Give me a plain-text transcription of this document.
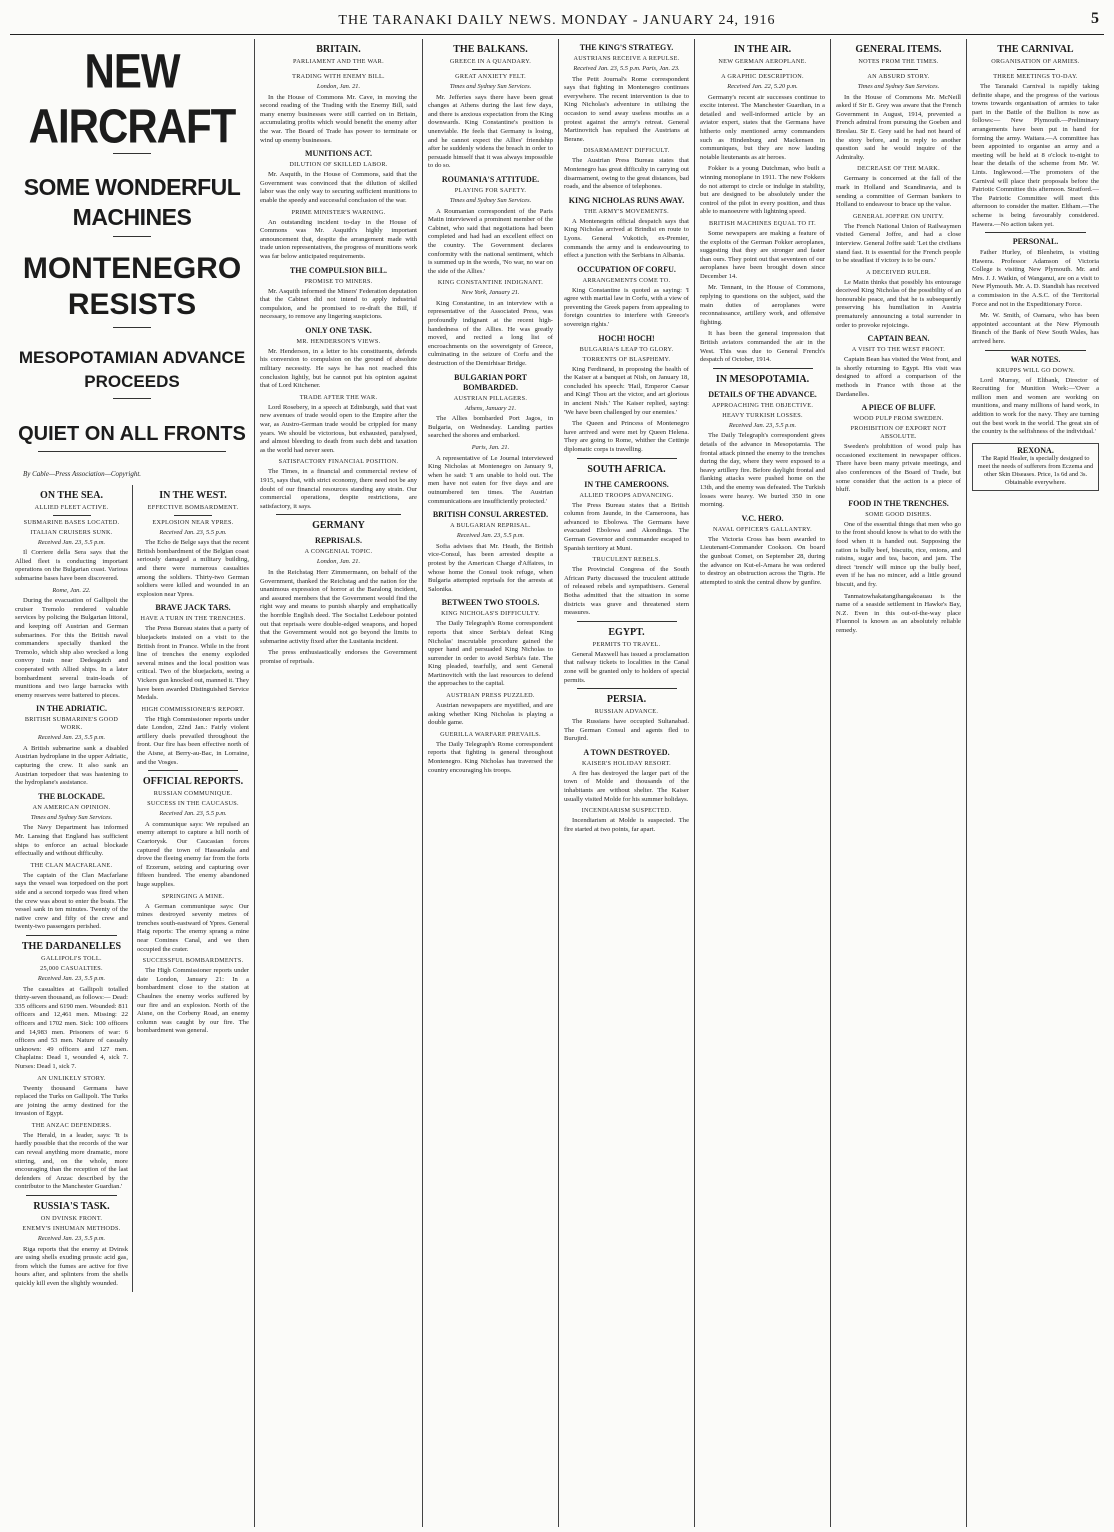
THE TARANAKI DAILY NEWS. MONDAY - JANUARY 24, 1916	5
NEW AIRCRAFT
SOME WONDERFUL MACHINES
MONTENEGRO RESISTS
MESOPOTAMIAN ADVANCE PROCEEDS
QUIET ON ALL FRONTS
By Cable—Press Association—Copyright.
ON THE SEA.
ALLIED FLEET ACTIVE.
SUBMARINE BASES LOCATED.
ITALIAN CRUISERS SUNK.
Received Jan. 23, 5.5 p.m.

Il Corriere della Sera says that the Allied fleet is conducting important operations on the Bulgarian coast. Various submarine bases have been discovered.

Rome, Jan. 22.

During the evacuation of Gallipoli the cruiser Tremolo rendered valuable services by policing the Bulgarian littoral, and keeping off Austrian and German submarines. For this the British naval commanders specially thanked the Tremolo, which ship also wrecked a long convoy train near Dedeagatch and cooperated with Allied ships. In a later bombardment several train-loads of munitions and two large barracks with enemy reserves were battered to pieces.

IN THE ADRIATIC.
BRITISH SUBMARINE'S GOOD WORK.
Received Jan. 23, 5.5 p.m.

A British submarine sank a disabled Austrian hydroplane in the upper Adriatic, capturing the crew. It also sank an Austrian torpedoer that was hastening to the hydroplane's assistance.

THE BLOCKADE.
AN AMERICAN OPINION.
Times and Sydney Sun Services.

The Navy Department has informed Mr. Lansing that England has sufficient ships to enforce an actual blockade effectually and without difficulty.

THE CLAN MACFARLANE.

The captain of the Clan Macfarlane says the vessel was torpedoed on the port side and a second torpedo was fired when the crew was about to enter the boats. The vessel sank in ten minutes. Twenty of the native crew and fifty of the crew and twenty-two passengers perished.

THE DARDANELLES
GALLIPOLI'S TOLL.
25,000 CASUALTIES.
Received Jan. 23, 5.5 p.m.

The casualties at Gallipoli totalled thirty-seven thousand, as follows:— Dead: 335 officers and 6190 men. Wounded: 811 officers and 12,461 men. Missing: 22 officers and 1702 men. Sick: 100 officers and 14,983 men. Prisoners of war: 6 officers and 53 men. Nature of casualty unknown: 49 officers and 127 men. Chaplains: Dead 1, wounded 4, sick 7. Nurses: Dead 1, sick 7.

AN UNLIKELY STORY.

Twenty thousand Germans have replaced the Turks on Gallipoli. The Turks are joining the army destined for the invasion of Egypt.

THE ANZAC DEFENDERS.

The Herald, in a leader, says: 'It is hardly possible that the records of the war can reveal anything more dramatic, more stirring, and, on the whole, more encouraging than the reception of the last defenders of Anzac described by the contributor to the Manchester Guardian.'

RUSSIA'S TASK.
ON DVINSK FRONT.
ENEMY'S INHUMAN METHODS.
Received Jan. 23, 5.5 p.m.

Riga reports that the enemy at Dvinsk are using shells exuding prussic acid gas, from which the fumes are active for five hours after, and splinters from the shells quickly kill even the slightly wounded.

IN THE WEST.
EFFECTIVE BOMBARDMENT.
EXPLOSION NEAR YPRES.
Received Jan. 23, 5.5 p.m.

The Echo de Belge says that the recent British bombardment of the Belgian coast seriously damaged a military building, and there were numerous casualties among the soldiers. Thirty-two German soldiers were killed and wounded in an explosion near Ypres.

BRAVE JACK TARS.
HAVE A TURN IN THE TRENCHES.

The Press Bureau states that a party of bluejackets insisted on a visit to the British front in France. While in the front line of trenches the enemy exploded several mines and the local position was critical. Two of the bluejackets, seeing a Vickers gun knocked out, manned it. They have been awarded Distinguished Service Medals.

HIGH COMMISSIONER'S REPORT.

The High Commissioner reports under date London, 22nd Jan.: Fairly violent artillery duels prevailed throughout the front. Our fire has been effective north of the Aisne, at Berry-au-Bac, in Lorraine, and the Vosges.

OFFICIAL REPORTS.
RUSSIAN COMMUNIQUE.
SUCCESS IN THE CAUCASUS.
Received Jan. 23, 5.5 p.m.

A communique says: We repulsed an enemy attempt to capture a hill north of Czartorysk. Our Caucasian forces captured the town of Hassankala and drove the fleeing enemy far from the forts of Erzerum, seizing and capturing over fifteen hundred. The enemy abandoned huge supplies.

SPRINGING A MINE.

A German communique says: Our mines destroyed seventy metres of trenches south-eastward of Ypres. General Haig reports: The enemy sprang a mine near Comines Canal, and we then occupied the crater.

SUCCESSFUL BOMBARDMENTS.

The High Commissioner reports under date London, January 21: In a bombardment close to the station at Chaulnes the enemy works suffered by our fire and an explosion. North of the Aisne, on the Corbeny Road, an enemy column was caught by our fire. The bombardment was general.

BRITAIN.
PARLIAMENT AND THE WAR.
TRADING WITH ENEMY BILL.
London, Jan. 21.

In the House of Commons Mr. Cave, in moving the second reading of the Trading with the Enemy Bill, said many enemy businesses were still carried on in Britain, accumulating profits which would benefit the enemy after the war. The Board of Trade has power to terminate or wind up enemy businesses.

MUNITIONS ACT.
DILUTION OF SKILLED LABOR.

Mr. Asquith, in the House of Commons, said that the Government was convinced that the dilution of skilled labor was the only way to securing sufficient munitions to enable the speedy and successful conclusion of the war.

PRIME MINISTER'S WARNING.

An outstanding incident to-day in the House of Commons was Mr. Asquith's highly important announcement that, despite the arrangement made with trade union representatives, the progress of munitions work was far below anticipated requirements.

THE COMPULSION BILL.
PROMISE TO MINERS.

Mr. Asquith informed the Miners' Federation deputation that the Cabinet did not intend to apply industrial compulsion, and he promised to re-draft the Bill, if necessary, to remove any lingering suspicions.

ONLY ONE TASK.
MR. HENDERSON'S VIEWS.

Mr. Henderson, in a letter to his constituents, defends his conversion to compulsion on the ground of absolute military necessity. He says he has not reached this conclusion lightly, but he cannot put his opinion against that of Lord Kitchener.

TRADE AFTER THE WAR.

Lord Rosebery, in a speech at Edinburgh, said that vast new avenues of trade would open to the Empire after the war, as Austro-German trade would be crippled for many years. We should be victorious, but exhausted, paralysed, and almost bleeding to death from such debt and taxation as the world had never seen.

SATISFACTORY FINANCIAL POSITION.

The Times, in a financial and commercial review of 1915, says that, with strict economy, there need not be any doubt of our financial resources standing any strain. Our commercial operations, despite restrictions, are satisfactory, it says.

GERMANY
REPRISALS.
A CONGENIAL TOPIC.
London, Jan. 21.

In the Reichstag Herr Zimmermann, on behalf of the Government, thanked the Reichstag and the nation for the unanimous expression of horror at the Baralong incident, and assured members that the Government would find the right way and means to punish sharply and emphatically the horrible English deed. The Socialist Ledebour pointed out that reprisals were double-edged weapons, and hoped that the Government would not go beyond the limits to submarine activity fixed after the Lusitania incident.

The press enthusiastically endorses the Government promise of reprisals.

THE BALKANS.
GREECE IN A QUANDARY.
GREAT ANXIETY FELT.
Times and Sydney Sun Services.

Mr. Jefferies says there have been great changes at Athens during the last few days, and there is anxious expectation from the King downwards. King Constantine's position is unenviable. He feels that Germany is losing, and he cannot expect the Allies' friendship after he suddenly widens the breach in order to persuade himself that it was always impossible to do so.

ROUMANIA'S ATTITUDE.
PLAYING FOR SAFETY.
Times and Sydney Sun Services.

A Roumanian correspondent of the Paris Matin interviewed a prominent member of the Cabinet, who said that negotiations had been completed and had had an excellent effect on the country. The Government declares conformity with the national sentiment, which is summed up in the words, 'No war, no war on the side of the Allies.'

KING CONSTANTINE INDIGNANT.
New York, January 21.

King Constantine, in an interview with a representative of the Associated Press, was profoundly indignant at the recent high-handedness of the Allies. He was greatly moved, and recited a long list of encroachments on the sovereignty of Greece, culminating in the seizure of Corfu and the destruction of the Demirhisar Bridge.

BULGARIAN PORT BOMBARDED.
AUSTRIAN PILLAGERS.
Athens, January 21.

The Allies bombarded Port Jagos, in Bulgaria, on Wednesday. Landing parties searched the shores and embarked.

Paris, Jan. 21.

A representative of Le Journal interviewed King Nicholas at Montenegro on January 9, when he said: 'I am unable to hold out. The men have not eaten for five days and are outnumbered ten times. The Austrian communications are insufficiently protected.'

BRITISH CONSUL ARRESTED.
A BULGARIAN REPRISAL.
Received Jan. 23, 5.5 p.m.

Sofia advises that Mr. Heath, the British vice-Consul, has been arrested despite a protest by the American Charge d'Affaires, in whose home the Consul took refuge, when Bulgaria attempted reprisals for the arrests at Salonika.

BETWEEN TWO STOOLS.
KING NICHOLAS'S DIFFICULTY.

The Daily Telegraph's Rome correspondent reports that since Serbia's defeat King Nicholas' inscrutable procedure gained the upper hand and persuaded King Nicholas to surrender in order to avoid Serbia's fate. The King pleaded, tearfully, and sent General Martinovitch with the last resources to defend the approaches to the capital.

AUSTRIAN PRESS PUZZLED.

Austrian newspapers are mystified, and are asking whether King Nicholas is playing a double game.

GUERILLA WARFARE PREVAILS.

The Daily Telegraph's Rome correspondent reports that fighting is general throughout Montenegro. King Nicholas has traversed the country encouraging his troops.

THE KING'S STRATEGY.
AUSTRIANS RECEIVE A REPULSE.
Received Jan. 23, 5.5 p.m. Paris, Jan. 23.

The Petit Journal's Rome correspondent says that fighting in Montenegro continues everywhere. The recent intervention is due to King Nicholas's adventure in utilising the occasion to send away useless mouths as a protest against the army's retreat. General Martinovitch has repulsed the Austrians at Berane.

DISARMAMENT DIFFICULT.

The Austrian Press Bureau states that Montenegro has great difficulty in carrying out disarmament, owing to the great distances, bad roads, and the absence of telephones.

KING NICHOLAS RUNS AWAY.
THE ARMY'S MOVEMENTS.

A Montenegrin official despatch says that King Nicholas arrived at Brindisi en route to Lyons. General Vukotich, ex-Premier, commands the army and is endeavouring to effect a junction with the Serbians in Albania.

OCCUPATION OF CORFU.
ARRANGEMENTS COME TO.

King Constantine is quoted as saying: 'I agree with martial law in Corfu, with a view of preventing the Greek papers from appealing to foreign countries to interfere with Greece's sovereign rights.'

HOCH! HOCH!
BULGARIA'S LEAP TO GLORY.
TORRENTS OF BLASPHEMY.

King Ferdinand, in proposing the health of the Kaiser at a banquet at Nish, on January 18, concluded his speech: 'Hail, Emperor Caesar and King! Thou art the victor, and art glorious in ancient Nish.' The Kaiser replied, saying: 'We have been challenged by our enemies.'

The Queen and Princess of Montenegro have arrived and were met by Queen Helena. They are going to Rome, whither the Cettinje diplomatic corps is travelling.

SOUTH AFRICA.
IN THE CAMEROONS.
ALLIED TROOPS ADVANCING.

The Press Bureau states that a British column from Jaunde, in the Cameroons, has advanced to Ebolowa. The Germans have evacuated Ebolowa and Akondinga. The German Governor and commander escaped to Spanish territory at Muni.

TRUCULENT REBELS.

The Provincial Congress of the South African Party discussed the truculent attitude of released rebels and sympathisers. General Botha admitted that the situation in some districts was grave and threatened stern measures.

EGYPT.
PERMITS TO TRAVEL.

General Maxwell has issued a proclamation that railway tickets to localities in the Canal zone will be granted only to holders of special permits.

PERSIA.
RUSSIAN ADVANCE.

The Russians have occupied Sultanabad. The German Consul and agents fled to Burujird.

A TOWN DESTROYED.
KAISER'S HOLIDAY RESORT.

A fire has destroyed the larger part of the town of Molde and thousands of the inhabitants are without shelter. The Kaiser usually visited Molde for his summer holidays.

INCENDIARISM SUSPECTED.

Incendiarism at Molde is suspected. The fire started at two points, far apart.

IN THE AIR.
NEW GERMAN AEROPLANE.
A GRAPHIC DESCRIPTION.
Received Jan. 22, 5.20 p.m.

Germany's recent air successes continue to excite interest. The Manchester Guardian, in a detailed and well-informed article by an aviator expert, states that the Germans have hitherto only mentioned army commanders such as Hindenburg and Mackensen in communiques, but they are now lauding notable lieutenants as air heroes.

Fokker is a young Dutchman, who built a winning monoplane in 1911. The new Fokkers do not attempt to circle or indulge in stability, but are designed to be absolutely under the control of the pilot in every position, and thus able to manoeuvre with lightning speed.

BRITISH MACHINES EQUAL TO IT.

Some newspapers are making a feature of the exploits of the German Fokker aeroplanes, suggesting that they are stronger and faster than ours. They point out that seventeen of our aeroplanes have been brought down since December 14.

Mr. Tennant, in the House of Commons, replying to questions on the subject, said the main duties of aeroplanes were reconnaissance, artillery work, and offensive fighting.

It has been the general impression that British aviators commanded the air in the West. This was due to General French's despatch of October, 1914.

IN MESOPOTAMIA.
DETAILS OF THE ADVANCE.
APPROACHING THE OBJECTIVE.
HEAVY TURKISH LOSSES.
Received Jan. 23, 5.5 p.m.

The Daily Telegraph's correspondent gives details of the advance in Mesopotamia. The frontal attack pinned the enemy to the trenches during the day, where they were exposed to a heavy artillery fire. Before daylight frontal and flanking attacks were pushed home on the 13th, and the enemy was defeated. The Turkish losses were heavy. We buried 350 in one morning.

V.C. HERO.
NAVAL OFFICER'S GALLANTRY.

The Victoria Cross has been awarded to Lieutenant-Commander Cookson. On board the gunboat Comet, on September 28, during the advance on Kut-el-Amara he was ordered to destroy an obstruction across the Tigris. He attempted to sink the central dhow by gunfire.

GENERAL ITEMS.
NOTES FROM THE TIMES.
AN ABSURD STORY.
Times and Sydney Sun Services.

In the House of Commons Mr. McNeill asked if Sir E. Grey was aware that the French Government in August, 1914, prevented a French admiral from pursuing the Goeben and Breslau. Sir E. Grey said he had not heard of the story before, and in reply to another question said he would inquire of the Admiralty.

DECREASE OF THE MARK.

Germany is concerned at the fall of the mark in Holland and Scandinavia, and is sending a committee of German bankers to Holland to endeavour to brace up the value.

GENERAL JOFFRE ON UNITY.

The French National Union of Railwaymen visited General Joffre, and had a close interview. General Joffre said: 'Let the civilians stand fast. It is essential for the French people to be steadfast if victory is to be ours.'

A DECEIVED RULER.

Le Matin thinks that possibly his entourage deceived King Nicholas of the possibility of an honourable peace, and that he is subsequently preserving his humiliation in Austria prematurely announcing a total surrender in order to provoke rejoicings.

CAPTAIN BEAN.
A VISIT TO THE WEST FRONT.

Captain Bean has visited the West front, and is shortly returning to Egypt. His visit was designed to afford a comparison of the methods in France with those at the Dardanelles.

A PIECE OF BLUFF.
WOOD PULP FROM SWEDEN.
PROHIBITION OF EXPORT NOT ABSOLUTE.

Sweden's prohibition of wood pulp has occasioned excitement in newspaper offices. There have been many private meetings, and also conferences of the Board of Trade, but some consider that the action is a piece of bluff.

FOOD IN THE TRENCHES.
SOME GOOD DISHES.

One of the essential things that men who go to the front should know is what to do with the food when it is handed out. Supposing the ration is bully beef, biscuits, rice, onions, and raisins, sugar and tea, bacon, and jam. The direct 'trench' will mince up the bully beef, even if he has no mincer, add a little ground biscuit, and fry.

Tanmatowhakatangihangakoauau is the name of a seaside settlement in Hawke's Bay, N.Z. Even in this out-of-the-way place Fluennol is known as an absolutely reliable remedy.

THE CARNIVAL
ORGANISATION OF ARMIES.
THREE MEETINGS TO-DAY.

The Taranaki Carnival is rapidly taking definite shape, and the progress of the various towns towards organisation of armies to take part in the Battle of the Bullion is now as follows:— New Plymouth.—Preliminary arrangements have been put in hand for forming the army. Waitara.—A committee has been appointed to organise an army and a meeting will be held at 8 o'clock to-night to hear the details of the scheme from Mr. W. Lints. Inglewood.—The promoters of the Carnival will place their proposals before the Patriotic Committee this afternoon. Stratford.—The Patriotic Committee will meet this afternoon to consider the matter. Eltham.—The scheme is being favourably considered. Hawera.—No action taken yet.

PERSONAL.

Father Hurley, of Blenheim, is visiting Hawera. Professor Adamson of Victoria College is visiting New Plymouth. Mr. and Mrs. J. J. Watkin, of Wanganui, are on a visit to New Plymouth. Mr. A. D. Standish has received a commission in the A.S.C. of the Territorial Force and not in the Expeditionary Force.

Mr. W. Smith, of Oamaru, who has been appointed accountant at the New Plymouth Branch of the Bank of New South Wales, has arrived here.

WAR NOTES.
KRUPPS WILL GO DOWN.

Lord Murray, of Elibank, Director of Recruiting for Munition Work:—'Over a million men and women are working on munitions, and many millions of hand work, in addition to work for the navy. They are turning out the best work in the world. The great sin of the country is the selfishness of the individual.'

REXONA.
The Rapid Healer, is specially designed to meet the needs of sufferers from Eczema and other Skin Diseases. Price, 1s 6d and 3s. Obtainable everywhere.
